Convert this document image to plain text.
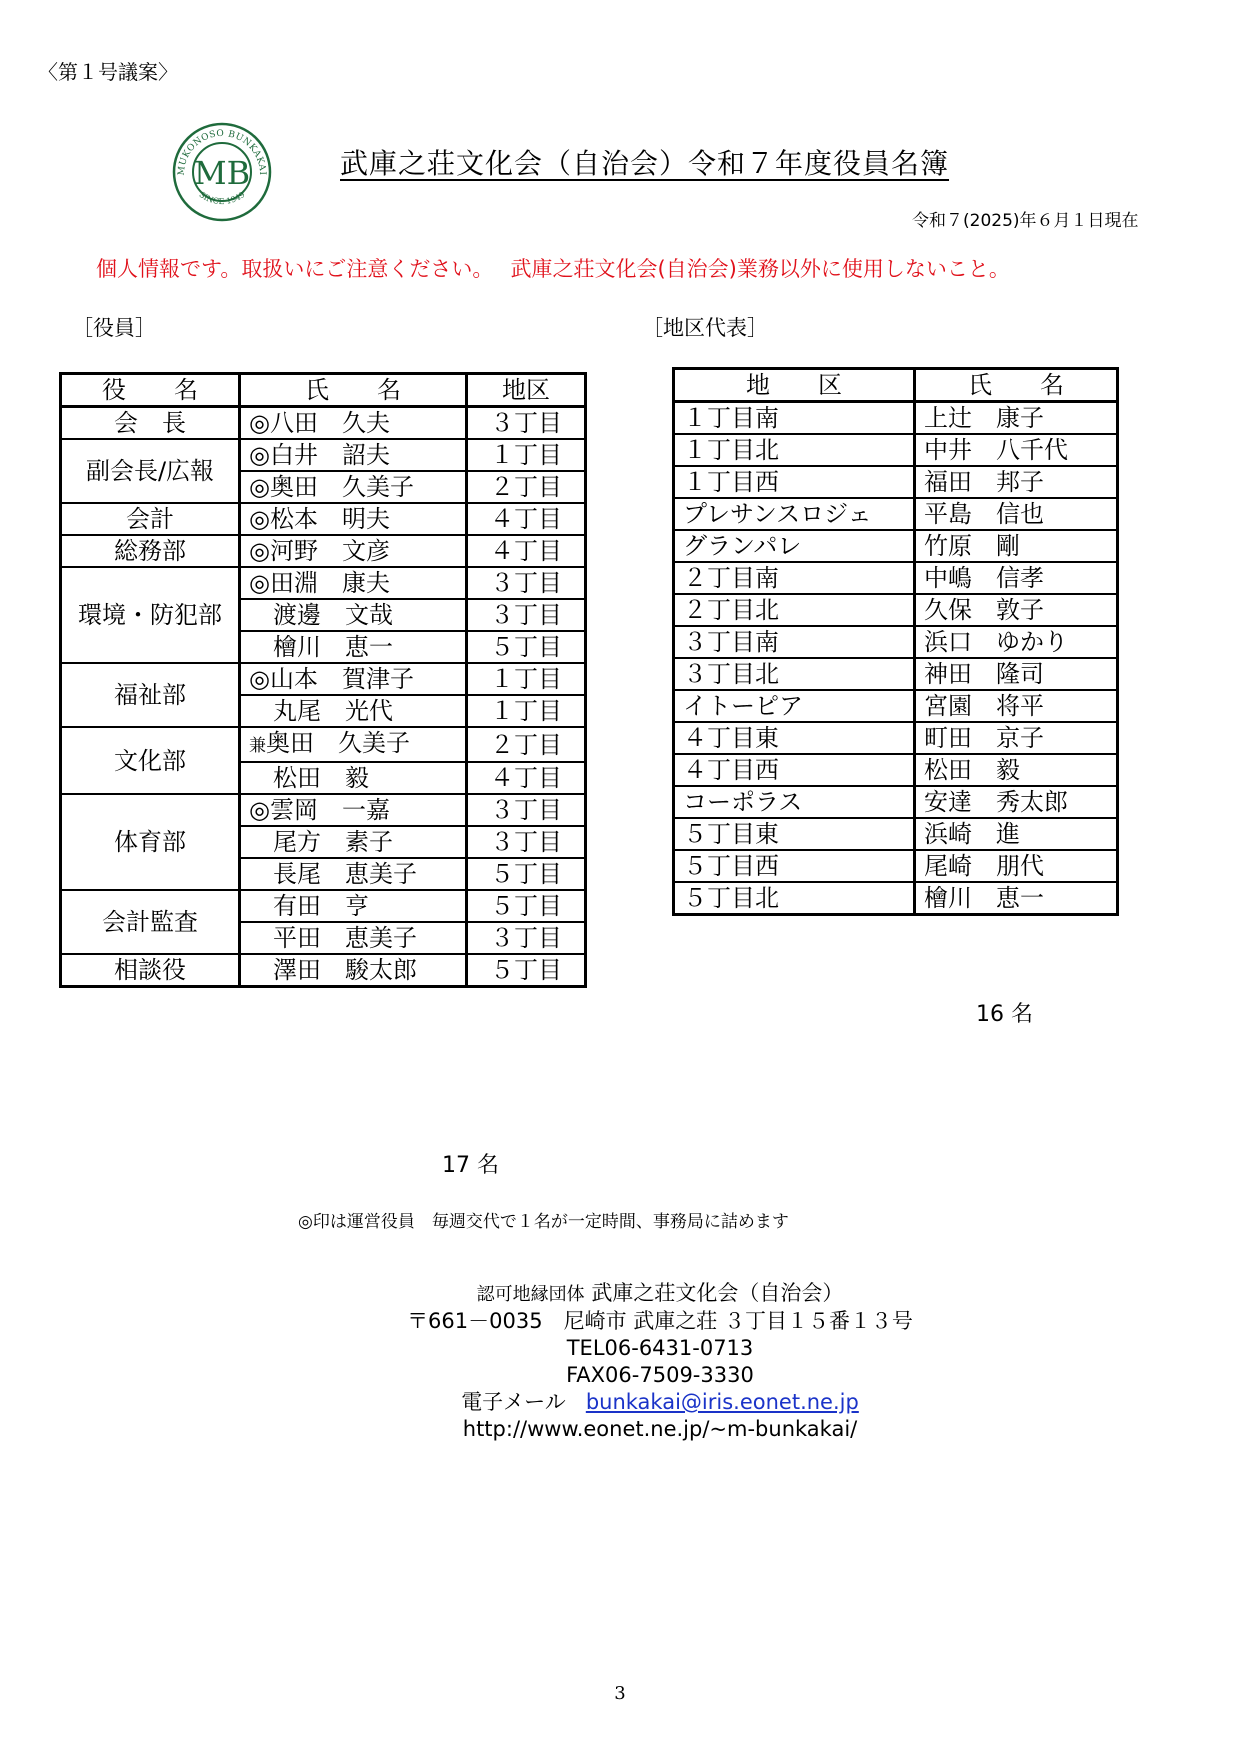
〈第１号議案〉
MUKONOSO BUNKAKAI
SINCE 1949
MB	武庫之荘文化会（自治会）令和７年度役員名簿
令和７(2025)年６月１日現在
個人情報です。取扱いにご注意ください。　 武庫之荘文化会(自治会)業務以外に使用しないこと。
［役員］	［地区代表］
役　　名	氏　　名	地区
会　長	◎八田　久夫	３丁目
副会長/広報	◎白井　詔夫	１丁目
	◎奥田　久美子	２丁目
会計	◎松本　明夫	４丁目
総務部	◎河野　文彦	４丁目
環境・防犯部	◎田淵　康夫	３丁目
	　渡邊　文哉	３丁目
	　檜川　恵一	５丁目
福祉部	◎山本　賀津子	１丁目
	　丸尾　光代	１丁目
文化部	兼奥田　久美子	２丁目
	　松田　毅	４丁目
体育部	◎雲岡　一嘉	３丁目
	　尾方　素子	３丁目
	　長尾　恵美子	５丁目
会計監査	　有田　亨	５丁目
	　平田　恵美子	３丁目
相談役	　澤田　駿太郎	５丁目
地　　区	氏　　名
１丁目南	上辻　康子
１丁目北	中井　八千代
１丁目西	福田　邦子
プレサンスロジェ	平島　信也
グランパレ	竹原　剛
２丁目南	中嶋　信孝
２丁目北	久保　敦子
３丁目南	浜口　ゆかり
３丁目北	神田　隆司
イトーピア	宮園　将平
４丁目東	町田　京子
４丁目西	松田　毅
コーポラス	安達　秀太郎
５丁目東	浜崎　進
５丁目西	尾崎　朋代
５丁目北	檜川　恵一
16 名
17 名
◎印は運営役員　毎週交代で１名が一定時間、事務局に詰めます
認可地縁団体 武庫之荘文化会（自治会）
〒661－0035　尼崎市 武庫之荘 ３丁目１５番１３号
TEL06-6431-0713
FAX06-7509-3330
電子メール bunkakai@iris.eonet.ne.jp
http://www.eonet.ne.jp/~m-bunkakai/
3
